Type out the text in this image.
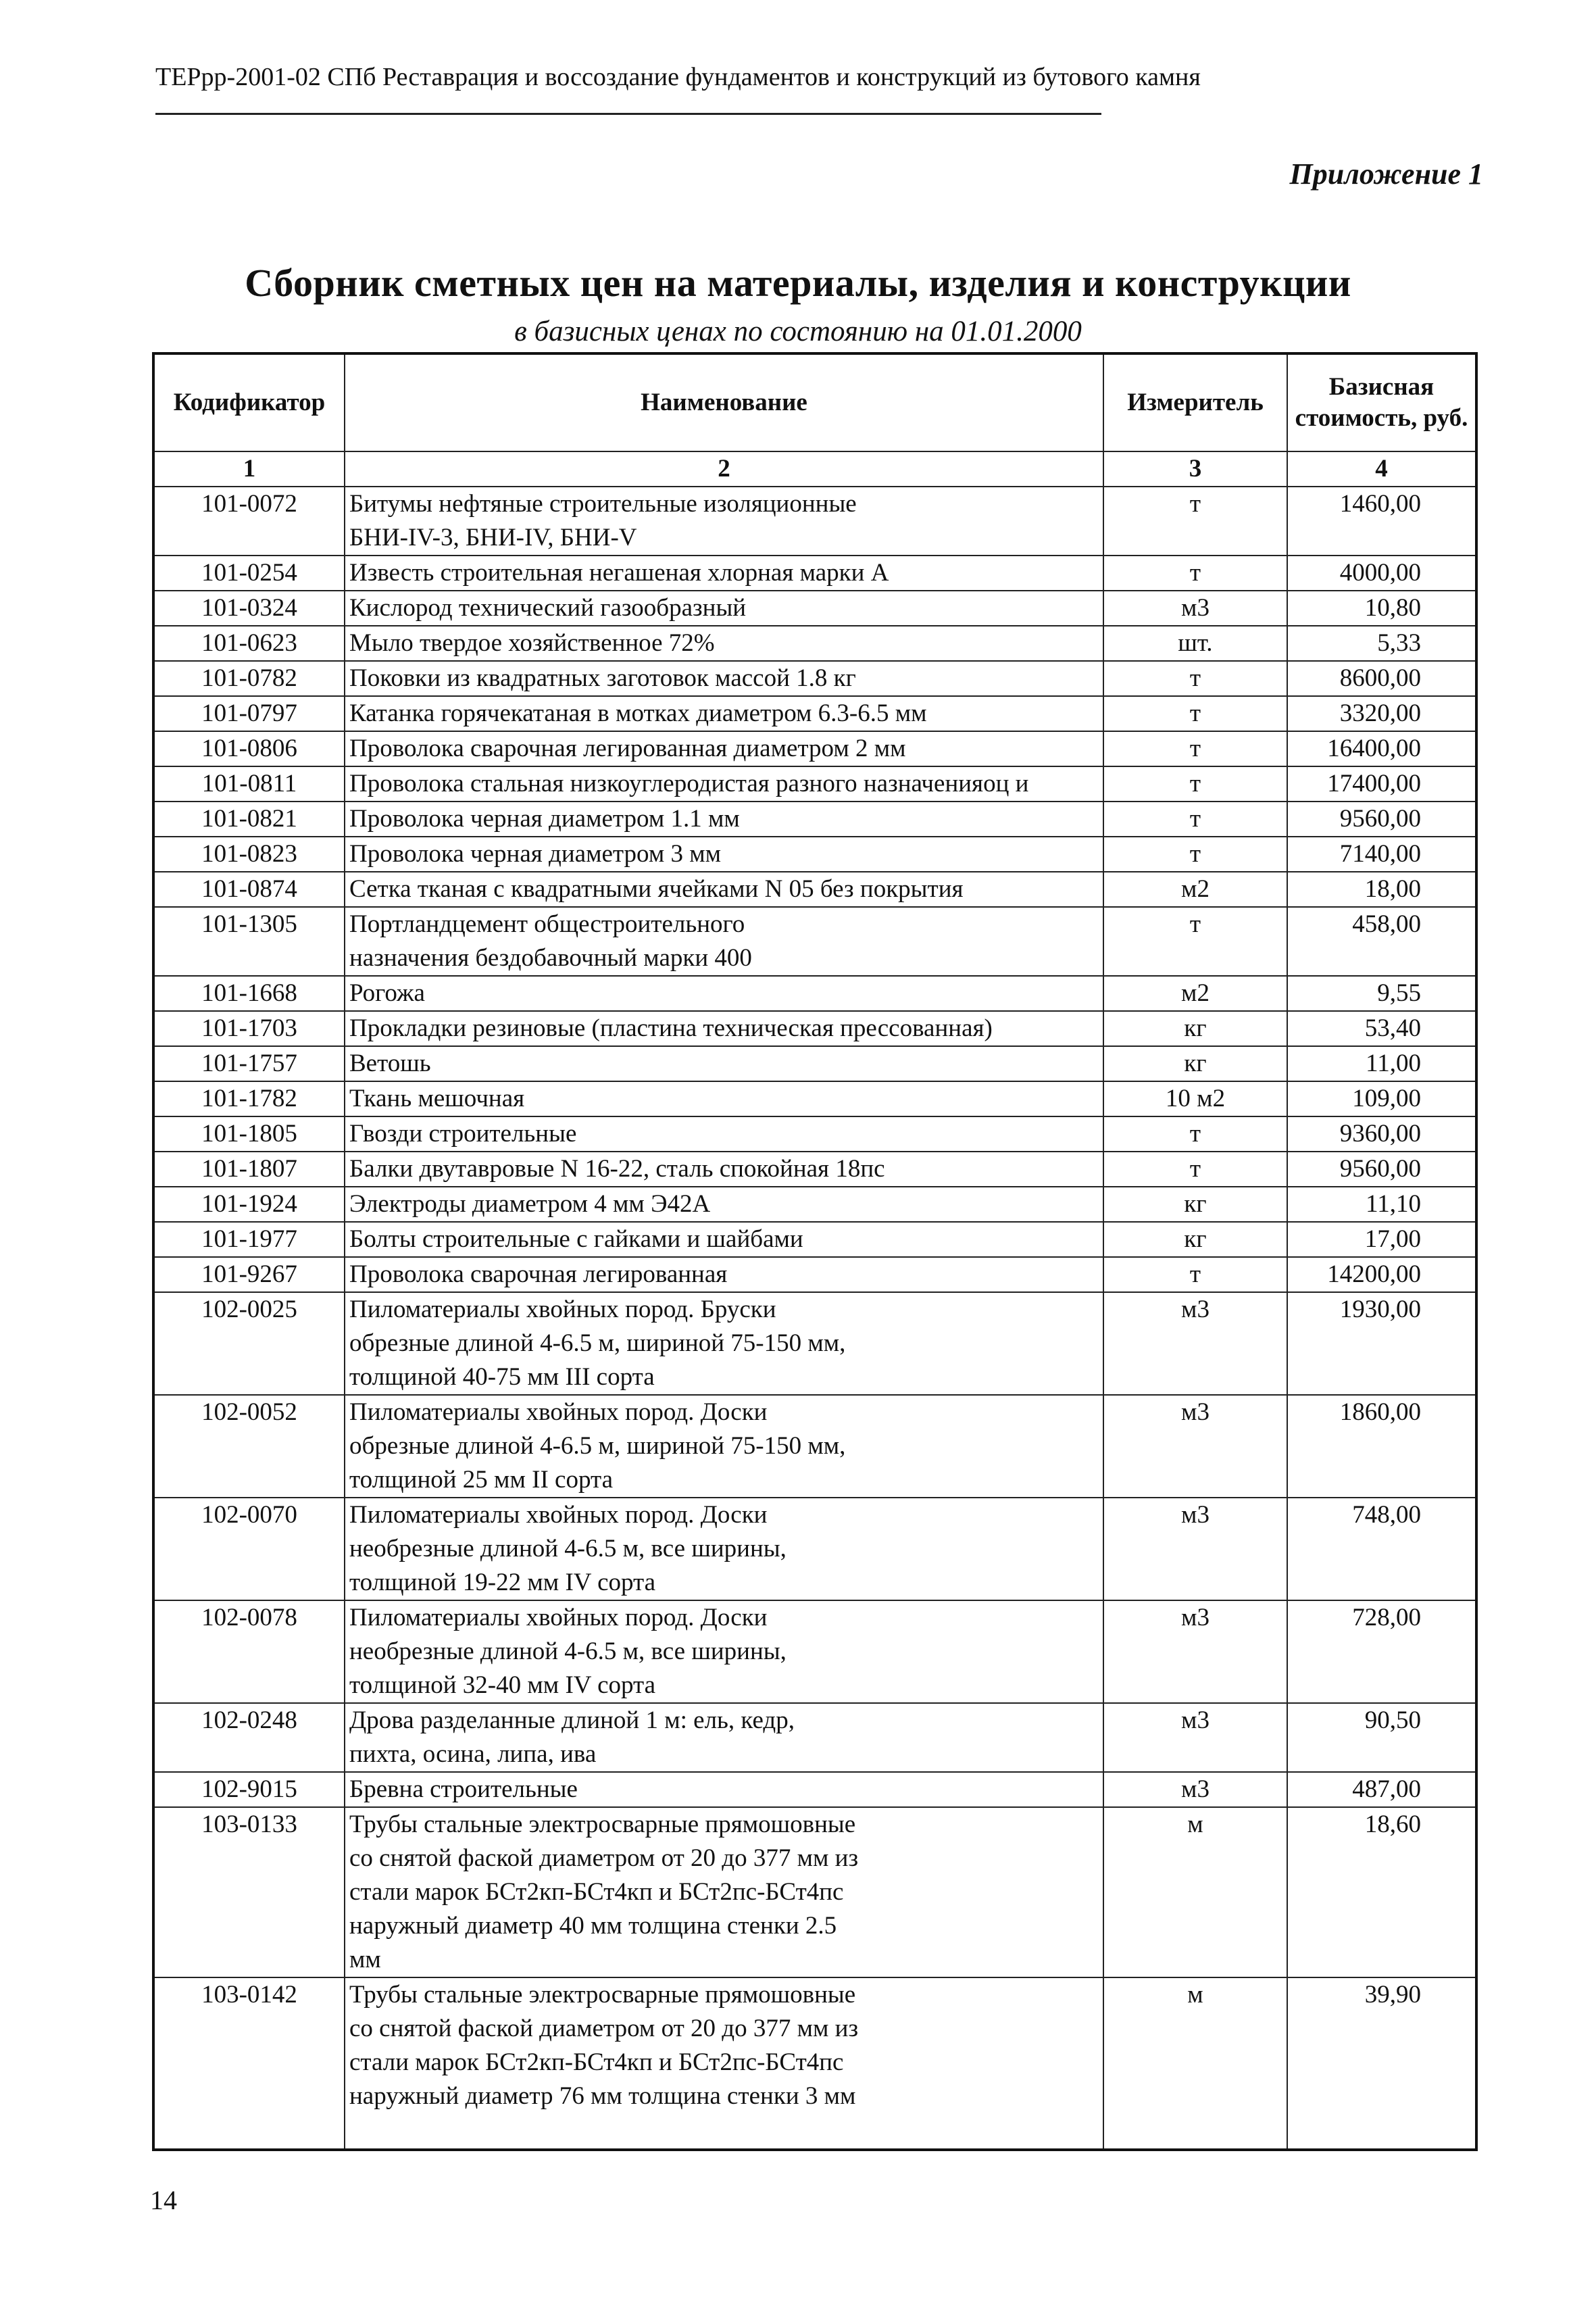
ТЕРрр-2001-02 СПб Реставрация и воссоздание фундаментов и конструкций из бутового камня
Приложение 1
Сборник сметных цен на материалы, изделия и конструкции
в базисных ценах по состоянию на 01.01.2000
Кодификатор	Наименование	Измеритель	Базисная стоимость, руб.
1	2	3	4
101-0072	Битумы нефтяные строительные изоляционные
БНИ-IV-3, БНИ-IV, БНИ-V	т	1460,00
101-0254	Известь строительная негашеная хлорная марки А	т	4000,00
101-0324	Кислород технический газообразный	м3	10,80
101-0623	Мыло твердое хозяйственное 72%	шт.	5,33
101-0782	Поковки из квадратных заготовок массой 1.8 кг	т	8600,00
101-0797	Катанка горячекатаная в мотках диаметром 6.3-6.5 мм	т	3320,00
101-0806	Проволока сварочная легированная диаметром 2 мм	т	16400,00
101-0811	Проволока стальная низкоуглеродистая разного назначенияоц и	т	17400,00
101-0821	Проволока черная диаметром 1.1 мм	т	9560,00
101-0823	Проволока черная диаметром 3 мм	т	7140,00
101-0874	Сетка тканая с квадратными ячейками N 05 без покрытия	м2	18,00
101-1305	Портландцемент общестроительного
назначения бездобавочный марки 400	т	458,00
101-1668	Рогожа	м2	9,55
101-1703	Прокладки резиновые (пластина техническая прессованная)	кг	53,40
101-1757	Ветошь	кг	11,00
101-1782	Ткань мешочная	10 м2	109,00
101-1805	Гвозди строительные	т	9360,00
101-1807	Балки двутавровые N 16-22, сталь спокойная 18пс	т	9560,00
101-1924	Электроды диаметром 4 мм Э42А	кг	11,10
101-1977	Болты строительные с гайками и шайбами	кг	17,00
101-9267	Проволока сварочная легированная	т	14200,00
102-0025	Пиломатериалы хвойных пород. Бруски
обрезные длиной 4-6.5 м, шириной 75-150 мм,
толщиной 40-75 мм III сорта	м3	1930,00
102-0052	Пиломатериалы хвойных пород. Доски
обрезные длиной 4-6.5 м, шириной 75-150 мм,
толщиной 25 мм II сорта	м3	1860,00
102-0070	Пиломатериалы хвойных пород. Доски
необрезные длиной 4-6.5 м, все ширины,
толщиной 19-22 мм IV сорта	м3	748,00
102-0078	Пиломатериалы хвойных пород. Доски
необрезные длиной 4-6.5 м, все ширины,
толщиной 32-40 мм IV сорта	м3	728,00
102-0248	Дрова разделанные длиной 1 м: ель, кедр,
пихта, осина, липа, ива	м3	90,50
102-9015	Бревна строительные	м3	487,00
103-0133	Трубы стальные электросварные прямошовные
со снятой фаской диаметром от 20 до 377 мм из
стали марок БСт2кп-БСт4кп и БСт2пс-БСт4пс
наружный диаметр 40 мм толщина стенки 2.5
мм	м	18,60
103-0142	Трубы стальные электросварные прямошовные
со снятой фаской диаметром от 20 до 377 мм из
стали марок БСт2кп-БСт4кп и БСт2пс-БСт4пс
наружный диаметр 76 мм толщина стенки 3 мм	м	39,90
14
